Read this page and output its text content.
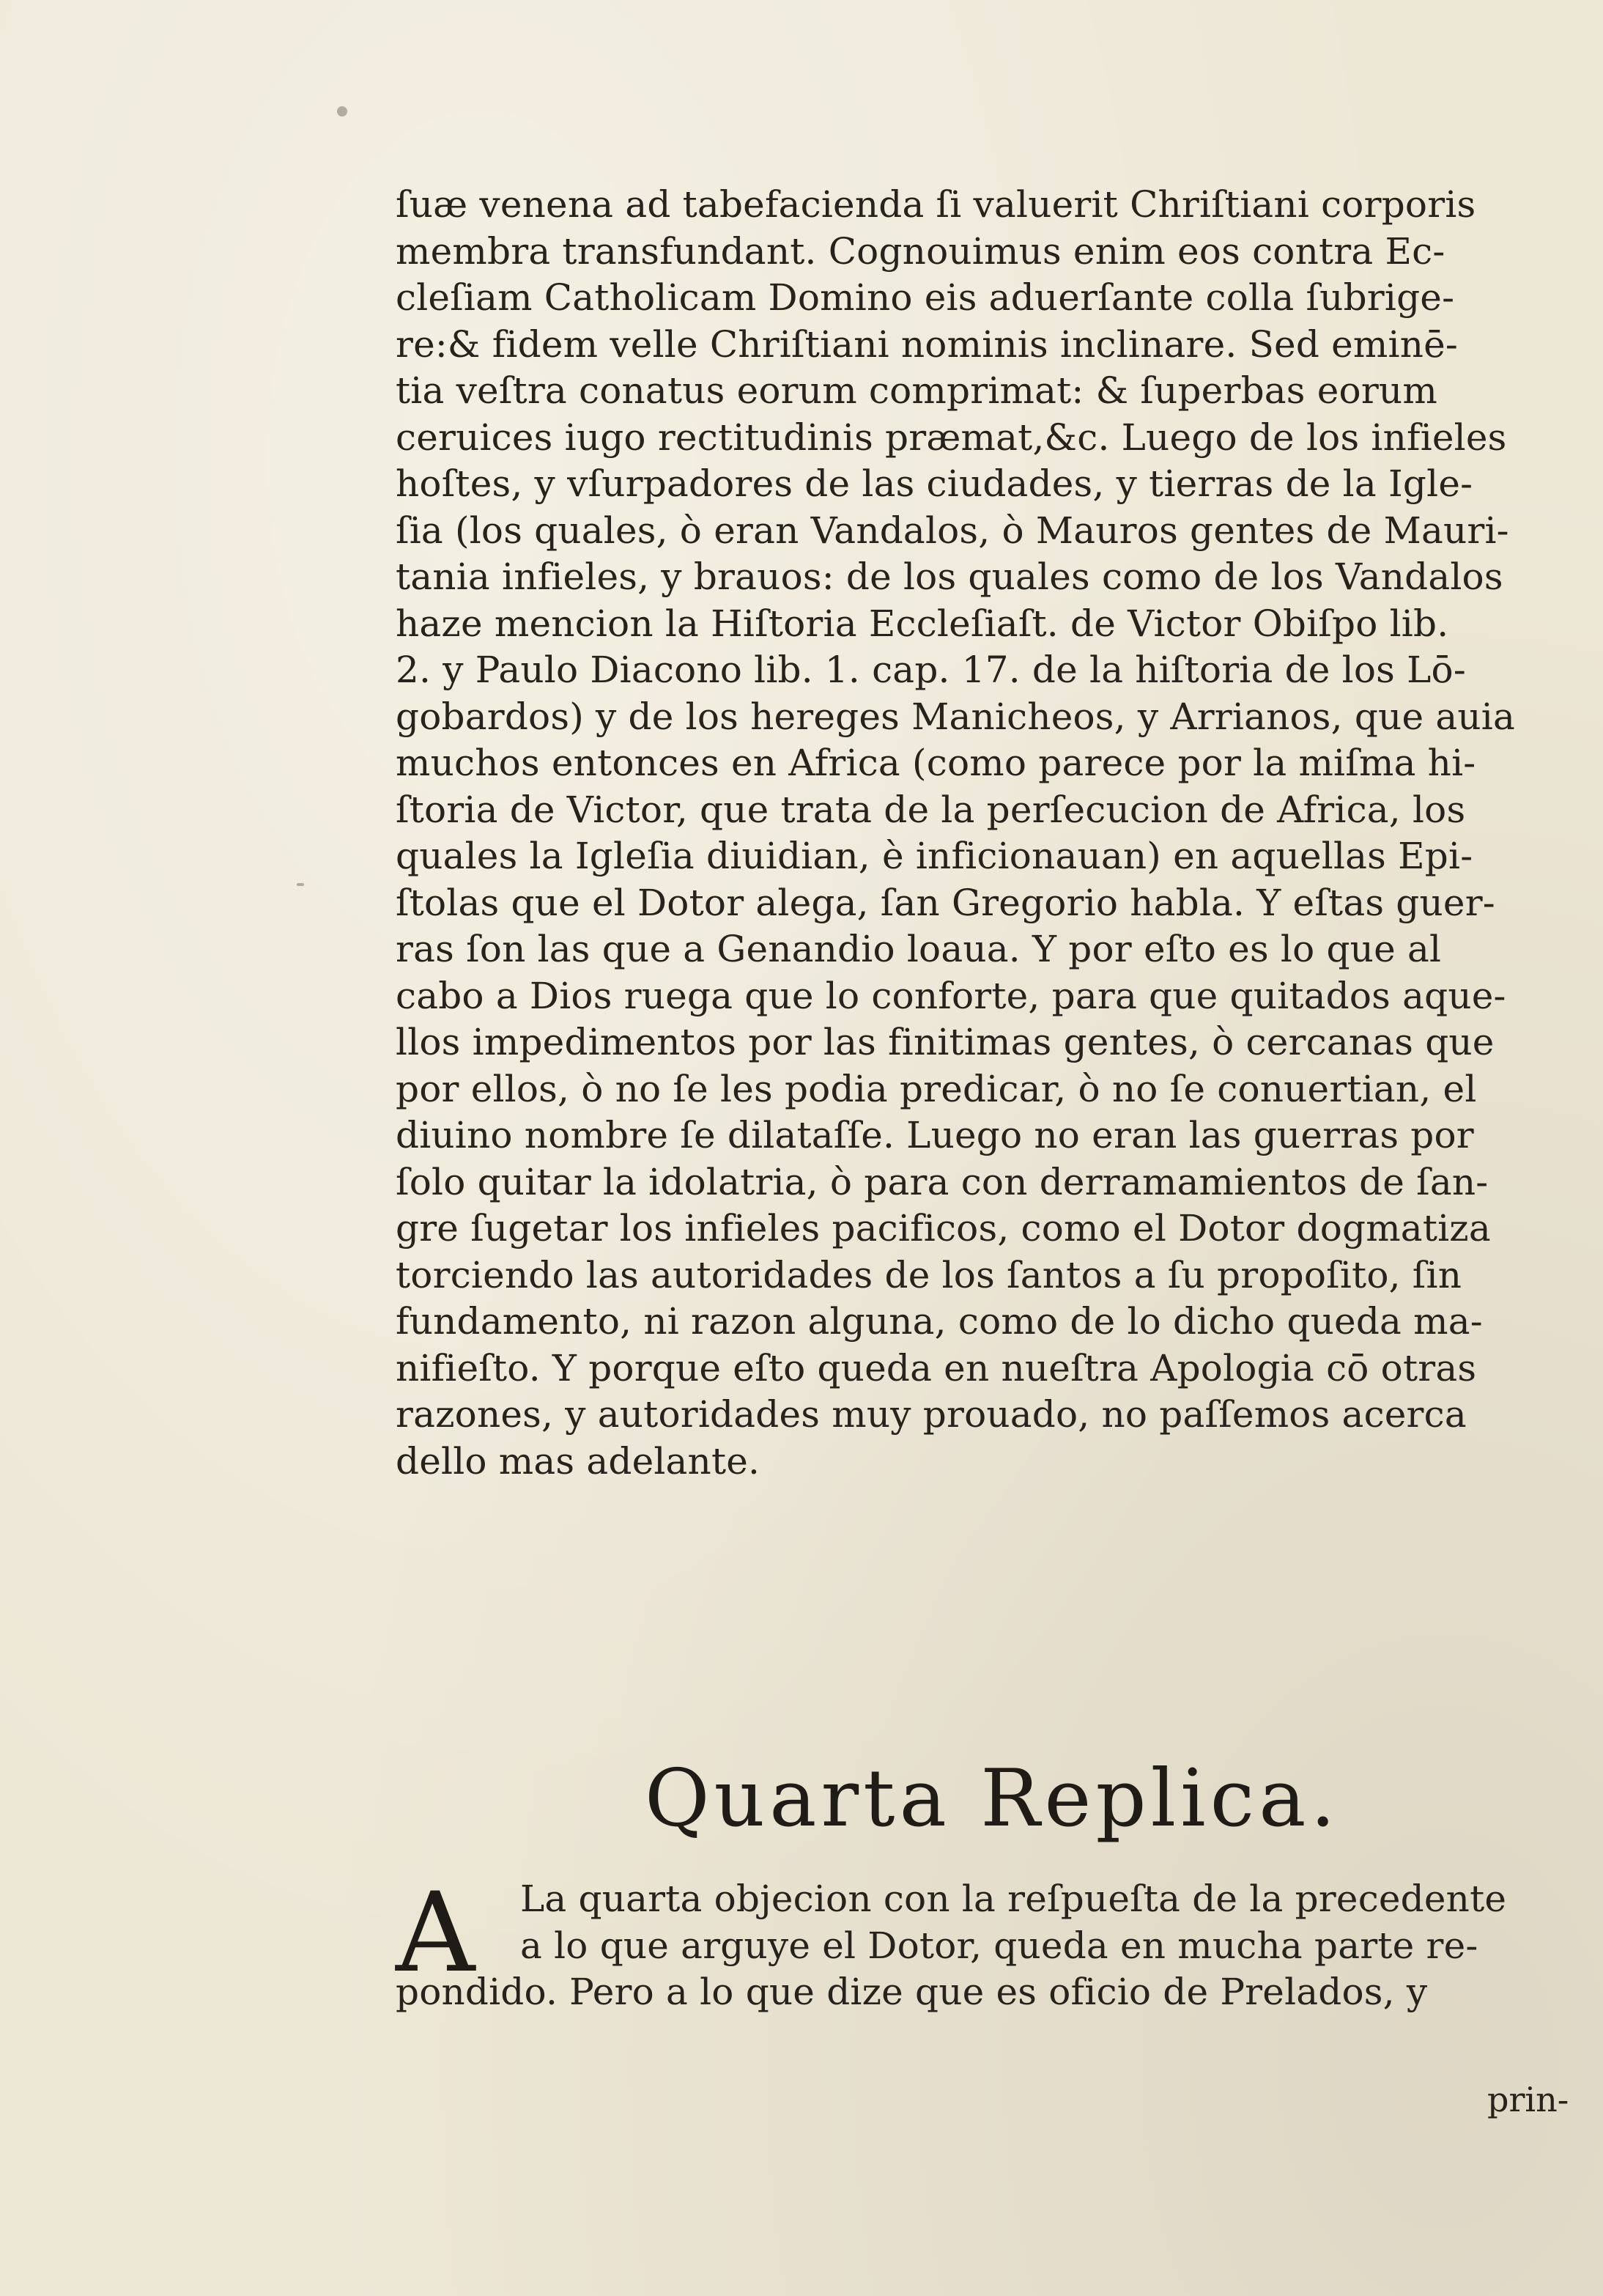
ſuæ venena ad tabefacienda ſi valuerit Chriſtiani corporis
membra transfundant. Cognouimus enim eos contra Ec-
cleſiam Catholicam Domino eis aduerſante colla ſubrige-
re:& fidem velle Chriſtiani nominis inclinare. Sed eminē-
tia veſtra conatus eorum comprimat: & ſuperbas eorum
ceruices iugo rectitudinis præmat,&c. Luego de los infieles
hoſtes, y vſurpadores de las ciudades, y tierras de la Igle-
ſia (los quales, ò eran Vandalos, ò Mauros gentes de Mauri-
tania infieles, y brauos: de los quales como de los Vandalos
haze mencion la Hiſtoria Eccleſiaſt. de Victor Obiſpo lib.
2. y Paulo Diacono lib. 1. cap. 17. de la hiſtoria de los Lō-
gobardos) y de los hereges Manicheos, y Arrianos, que auia
muchos entonces en Africa (como parece por la miſma hi-
ſtoria de Victor, que trata de la perſecucion de Africa, los
quales la Igleſia diuidian, è inficionauan) en aquellas Epi-
ſtolas que el Dotor alega, ſan Gregorio habla. Y eſtas guer-
ras ſon las que a Genandio loaua. Y por eſto es lo que al
cabo a Dios ruega que lo conforte, para que quitados aque-
llos impedimentos por las finitimas gentes, ò cercanas que
por ellos, ò no ſe les podia predicar, ò no ſe conuertian, el
diuino nombre ſe dilataſſe. Luego no eran las guerras por
ſolo quitar la idolatria, ò para con derramamientos de ſan-
gre ſugetar los infieles pacificos, como el Dotor dogmatiza
torciendo las autoridades de los ſantos a ſu propoſito, ſin
fundamento, ni razon alguna, como de lo dicho queda ma-
nifieſto. Y porque eſto queda en nueſtra Apologia cō otras
razones, y autoridades muy prouado, no paſſemos acerca
dello mas adelante.
Quarta Replica.
A	La quarta objecion con la reſpueſta de la precedente
a lo que arguye el Dotor, queda en mucha parte re-
pondido. Pero a lo que dize que es oficio de Prelados, y
prin-
